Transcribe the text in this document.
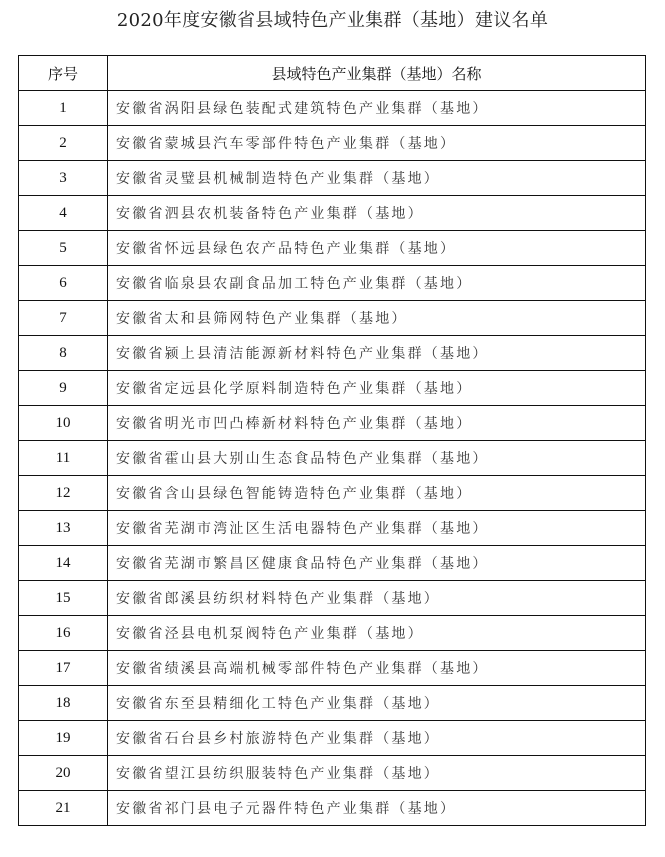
2020年度安徽省县域特色产业集群（基地）建议名单
序号	县域特色产业集群（基地）名称
1	安徽省涡阳县绿色装配式建筑特色产业集群（基地）
2	安徽省蒙城县汽车零部件特色产业集群（基地）
3	安徽省灵璧县机械制造特色产业集群（基地）
4	安徽省泗县农机装备特色产业集群（基地）
5	安徽省怀远县绿色农产品特色产业集群（基地）
6	安徽省临泉县农副食品加工特色产业集群（基地）
7	安徽省太和县筛网特色产业集群（基地）
8	安徽省颍上县清洁能源新材料特色产业集群（基地）
9	安徽省定远县化学原料制造特色产业集群（基地）
10	安徽省明光市凹凸棒新材料特色产业集群（基地）
11	安徽省霍山县大别山生态食品特色产业集群（基地）
12	安徽省含山县绿色智能铸造特色产业集群（基地）
13	安徽省芜湖市湾沚区生活电器特色产业集群（基地）
14	安徽省芜湖市繁昌区健康食品特色产业集群（基地）
15	安徽省郎溪县纺织材料特色产业集群（基地）
16	安徽省泾县电机泵阀特色产业集群（基地）
17	安徽省绩溪县高端机械零部件特色产业集群（基地）
18	安徽省东至县精细化工特色产业集群（基地）
19	安徽省石台县乡村旅游特色产业集群（基地）
20	安徽省望江县纺织服装特色产业集群（基地）
21	安徽省祁门县电子元器件特色产业集群（基地）
